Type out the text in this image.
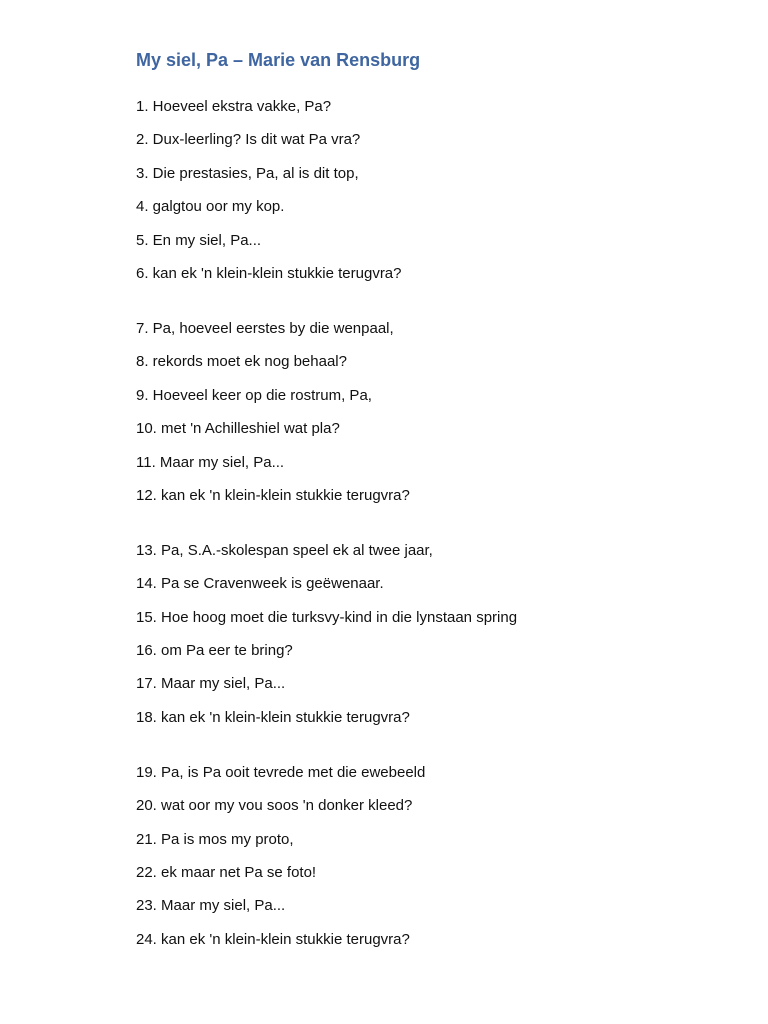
My siel, Pa – Marie van Rensburg
1. Hoeveel ekstra vakke, Pa?
2. Dux-leerling? Is dit wat Pa vra?
3. Die prestasies, Pa, al is dit top,
4. galgtou oor my kop.
5. En my siel, Pa...
6. kan ek 'n klein-klein stukkie terugvra?
7. Pa, hoeveel eerstes by die wenpaal,
8. rekords moet ek nog behaal?
9. Hoeveel keer op die rostrum, Pa,
10. met 'n Achilleshiel wat pla?
11. Maar my siel, Pa...
12. kan ek 'n klein-klein stukkie terugvra?
13. Pa, S.A.-skolespan speel ek al twee jaar,
14. Pa se Cravenweek is geëwenaar.
15. Hoe hoog moet die turksvy-kind in die lynstaan spring
16. om Pa eer te bring?
17. Maar my siel, Pa...
18. kan ek 'n klein-klein stukkie terugvra?
19. Pa, is Pa ooit tevrede met die ewebeeld
20. wat oor my vou soos 'n donker kleed?
21. Pa is mos my proto,
22. ek maar net Pa se foto!
23. Maar my siel, Pa...
24. kan ek 'n klein-klein stukkie terugvra?
